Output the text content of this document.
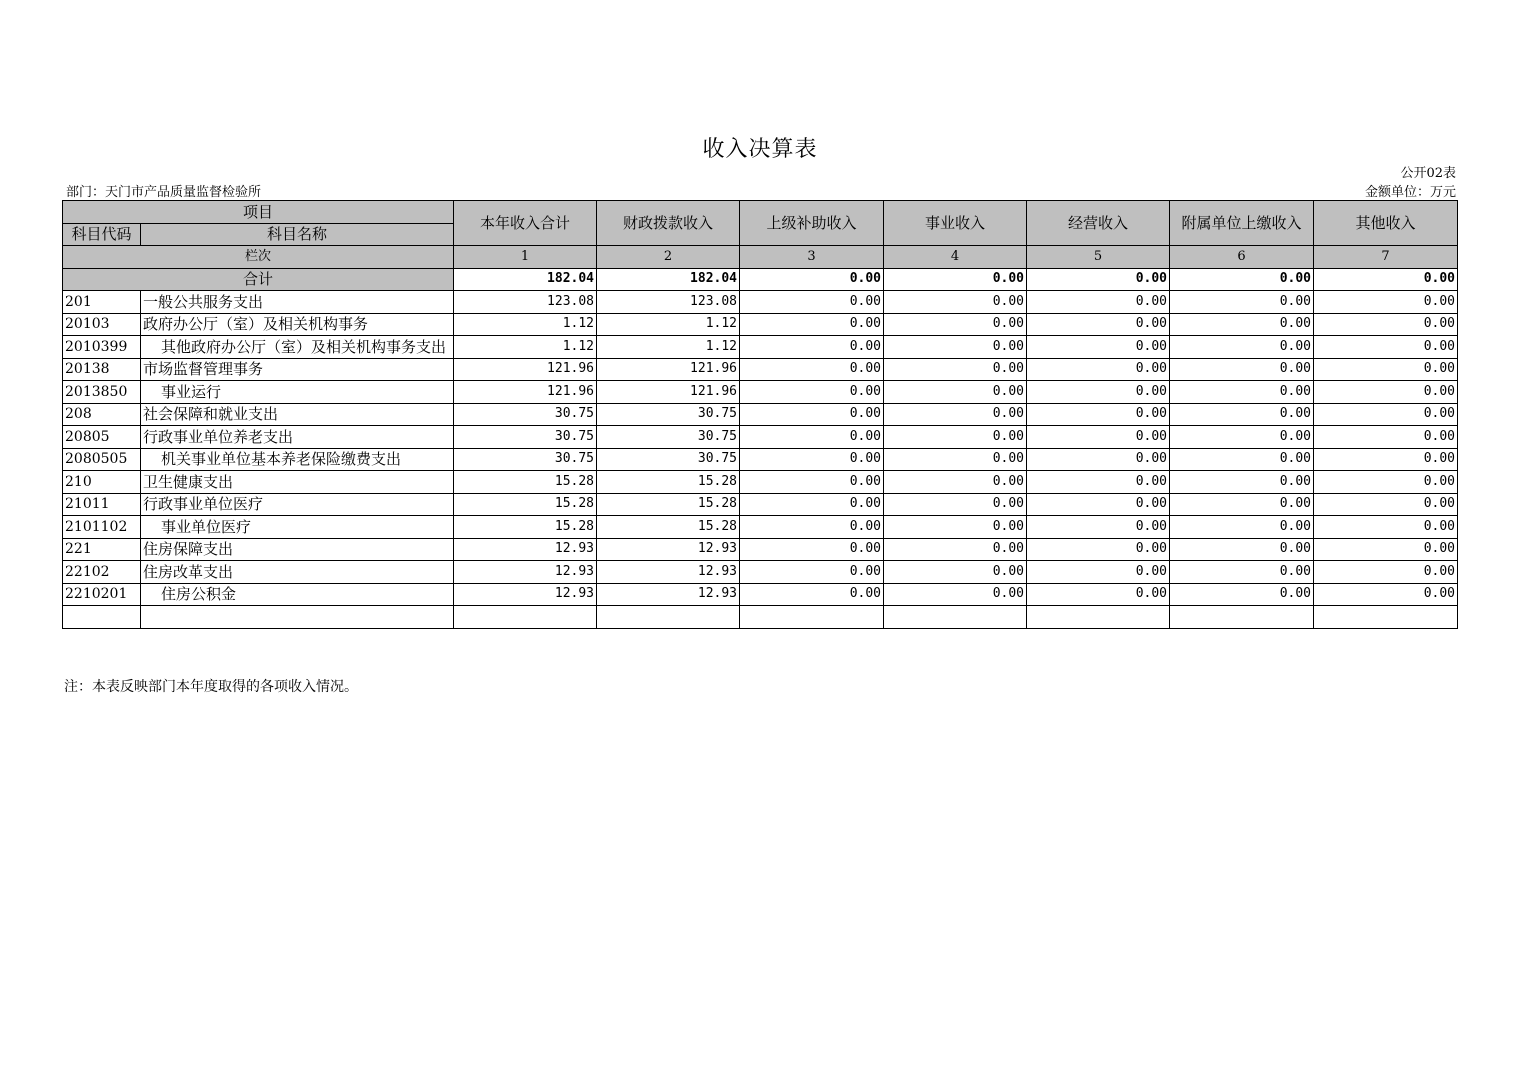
收入决算表
公开02表
部门：天门市产品质量监督检验所	金额单位：万元
项目		本年收入合计	财政拨款收入	上级补助收入	事业收入	经营收入	附属单位上缴收入	其他收入
科目代码	科目名称							
栏次		1	2	3	4	5	6	7
合计		182.04	182.04	0.00	0.00	0.00	0.00	0.00
201	一般公共服务支出	123.08	123.08	0.00	0.00	0.00	0.00	0.00
20103	政府办公厅（室）及相关机构事务	1.12	1.12	0.00	0.00	0.00	0.00	0.00
2010399	其他政府办公厅（室）及相关机构事务支出	1.12	1.12	0.00	0.00	0.00	0.00	0.00
20138	市场监督管理事务	121.96	121.96	0.00	0.00	0.00	0.00	0.00
2013850	事业运行	121.96	121.96	0.00	0.00	0.00	0.00	0.00
208	社会保障和就业支出	30.75	30.75	0.00	0.00	0.00	0.00	0.00
20805	行政事业单位养老支出	30.75	30.75	0.00	0.00	0.00	0.00	0.00
2080505	机关事业单位基本养老保险缴费支出	30.75	30.75	0.00	0.00	0.00	0.00	0.00
210	卫生健康支出	15.28	15.28	0.00	0.00	0.00	0.00	0.00
21011	行政事业单位医疗	15.28	15.28	0.00	0.00	0.00	0.00	0.00
2101102	事业单位医疗	15.28	15.28	0.00	0.00	0.00	0.00	0.00
221	住房保障支出	12.93	12.93	0.00	0.00	0.00	0.00	0.00
22102	住房改革支出	12.93	12.93	0.00	0.00	0.00	0.00	0.00
2210201	住房公积金	12.93	12.93	0.00	0.00	0.00	0.00	0.00

注：本表反映部门本年度取得的各项收入情况。
